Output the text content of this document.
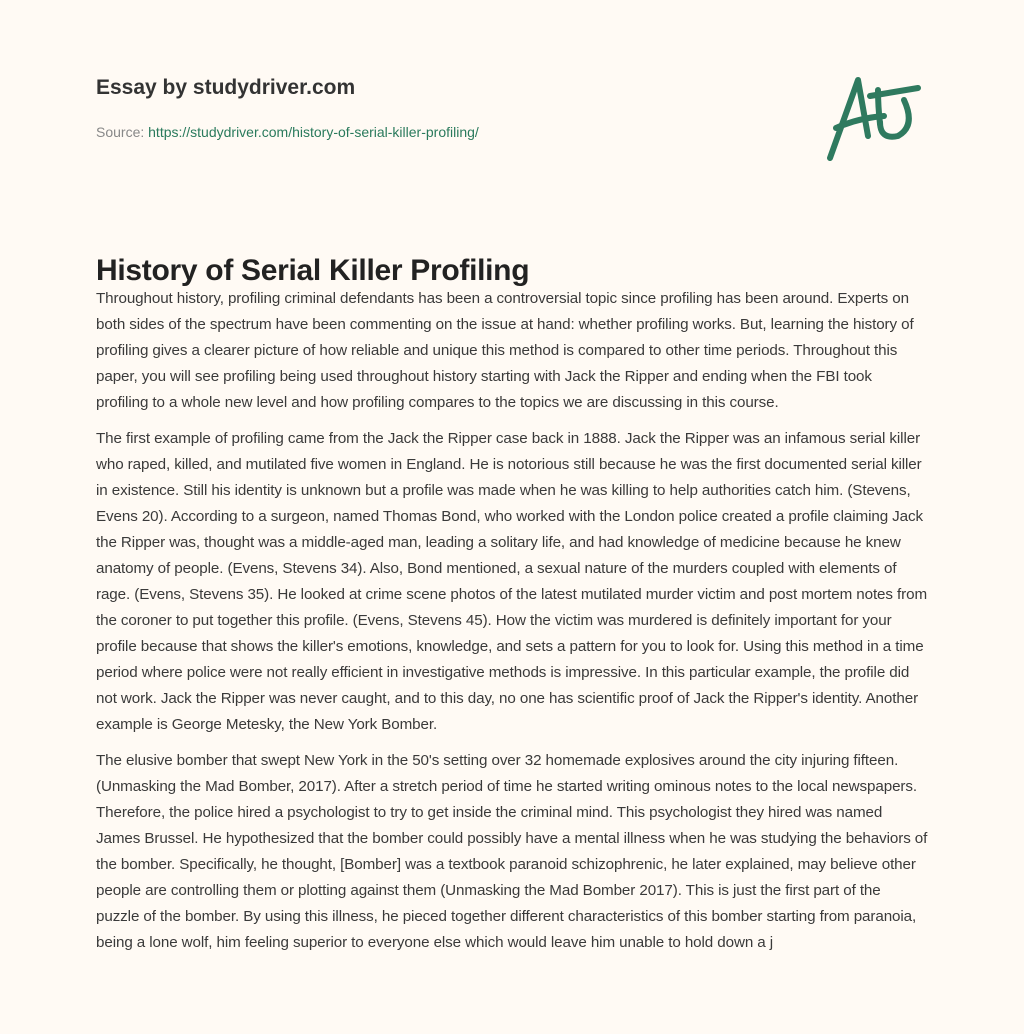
Essay by studydriver.com
Source: https://studydriver.com/history-of-serial-killer-profiling/
History of Serial Killer Profiling

Throughout history, profiling criminal defendants has been a controversial topic since profiling has been around. Experts on both sides of the spectrum have been commenting on the issue at hand: whether profiling works. But, learning the history of profiling gives a clearer picture of how reliable and unique this method is compared to other time periods. Throughout this paper, you will see profiling being used throughout history starting with Jack the Ripper and ending when the FBI took profiling to a whole new level and how profiling compares to the topics we are discussing in this course.

The first example of profiling came from the Jack the Ripper case back in 1888. Jack the Ripper was an infamous serial killer who raped, killed, and mutilated five women in England. He is notorious still because he was the first documented serial killer in existence. Still his identity is unknown but a profile was made when he was killing to help authorities catch him. (Stevens, Evens 20). According to a surgeon, named Thomas Bond, who worked with the London police created a profile claiming Jack the Ripper was, thought was a middle-aged man, leading a solitary life, and had knowledge of medicine because he knew anatomy of people. (Evens, Stevens 34). Also, Bond mentioned, a sexual nature of the murders coupled with elements of rage. (Evens, Stevens 35). He looked at crime scene photos of the latest mutilated murder victim and post mortem notes from the coroner to put together this profile. (Evens, Stevens 45). How the victim was murdered is definitely important for your profile because that shows the killer's emotions, knowledge, and sets a pattern for you to look for. Using this method in a time period where police were not really efficient in investigative methods is impressive. In this particular example, the profile did not work. Jack the Ripper was never caught, and to this day, no one has scientific proof of Jack the Ripper's identity. Another example is George Metesky, the New York Bomber.

The elusive bomber that swept New York in the 50's setting over 32 homemade explosives around the city injuring fifteen. (Unmasking the Mad Bomber, 2017). After a stretch period of time he started writing ominous notes to the local newspapers. Therefore, the police hired a psychologist to try to get inside the criminal mind. This psychologist they hired was named James Brussel. He hypothesized that the bomber could possibly have a mental illness when he was studying the behaviors of the bomber. Specifically, he thought, [Bomber] was a textbook paranoid schizophrenic, he later explained, may believe other people are controlling them or plotting against them (Unmasking the Mad Bomber 2017). This is just the first part of the puzzle of the bomber. By using this illness, he pieced together different characteristics of this bomber starting from paranoia, being a lone wolf, him feeling superior to everyone else which would leave him unable to hold down a j
